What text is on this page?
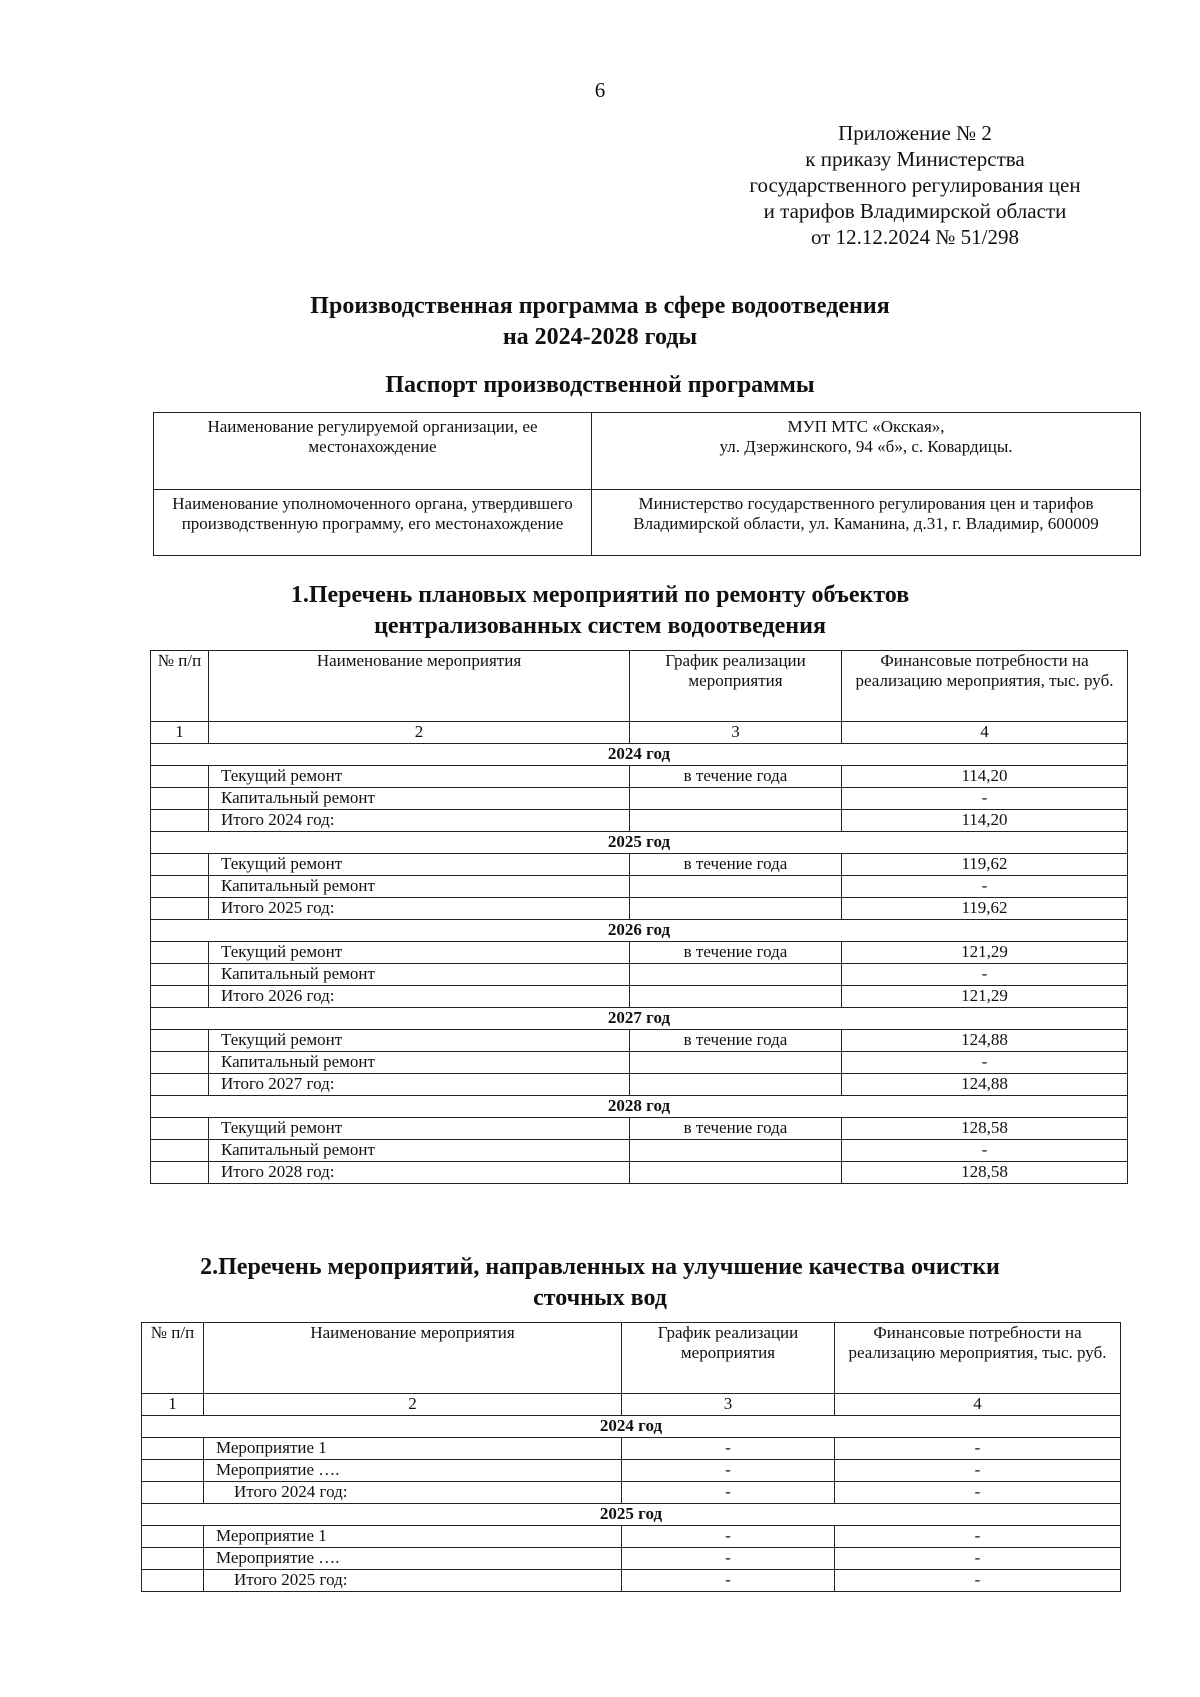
6
Приложение № 2
к приказу Министерства
государственного регулирования цен
и тарифов Владимирской области
от 12.12.2024 № 51/298
Производственная программа в сфере водоотведения
на 2024-2028 годы
Паспорт производственной программы
Наименование регулируемой организации, ее местонахождение	МУП МТС «Окская»,
ул. Дзержинского, 94 «б», с. Ковардицы.

Наименование уполномоченного органа, утвердившего производственную программу, его местонахождение	Министерство государственного регулирования цен и тарифов Владимирской области, ул. Каманина, д.31, г. Владимир, 600009
1.Перечень плановых мероприятий по ремонту объектов
централизованных систем водоотведения
№ п/п	Наименование мероприятия	График реализации мероприятия	Финансовые потребности на реализацию мероприятия, тыс. руб.
1	2	3	4
2024 год			
	Текущий ремонт	в течение года	114,20
	Капитальный ремонт		-
	Итого 2024 год:		114,20
2025 год			
	Текущий ремонт	в течение года	119,62
	Капитальный ремонт		-
	Итого 2025 год:		119,62
2026 год			
	Текущий ремонт	в течение года	121,29
	Капитальный ремонт		-
	Итого 2026 год:		121,29
2027 год			
	Текущий ремонт	в течение года	124,88
	Капитальный ремонт		-
	Итого 2027 год:		124,88
2028 год			
	Текущий ремонт	в течение года	128,58
	Капитальный ремонт		-
	Итого 2028 год:		128,58
2.Перечень мероприятий, направленных на улучшение качества очистки
сточных вод
№ п/п	Наименование мероприятия	График реализации мероприятия	Финансовые потребности на реализацию мероприятия, тыс. руб.
1	2	3	4
2024 год			
	Мероприятие 1	-	-
	Мероприятие ….	-	-
	Итого 2024 год:	-	-
2025 год			
	Мероприятие 1	-	-
	Мероприятие ….	-	-
	Итого 2025 год:	-	-
